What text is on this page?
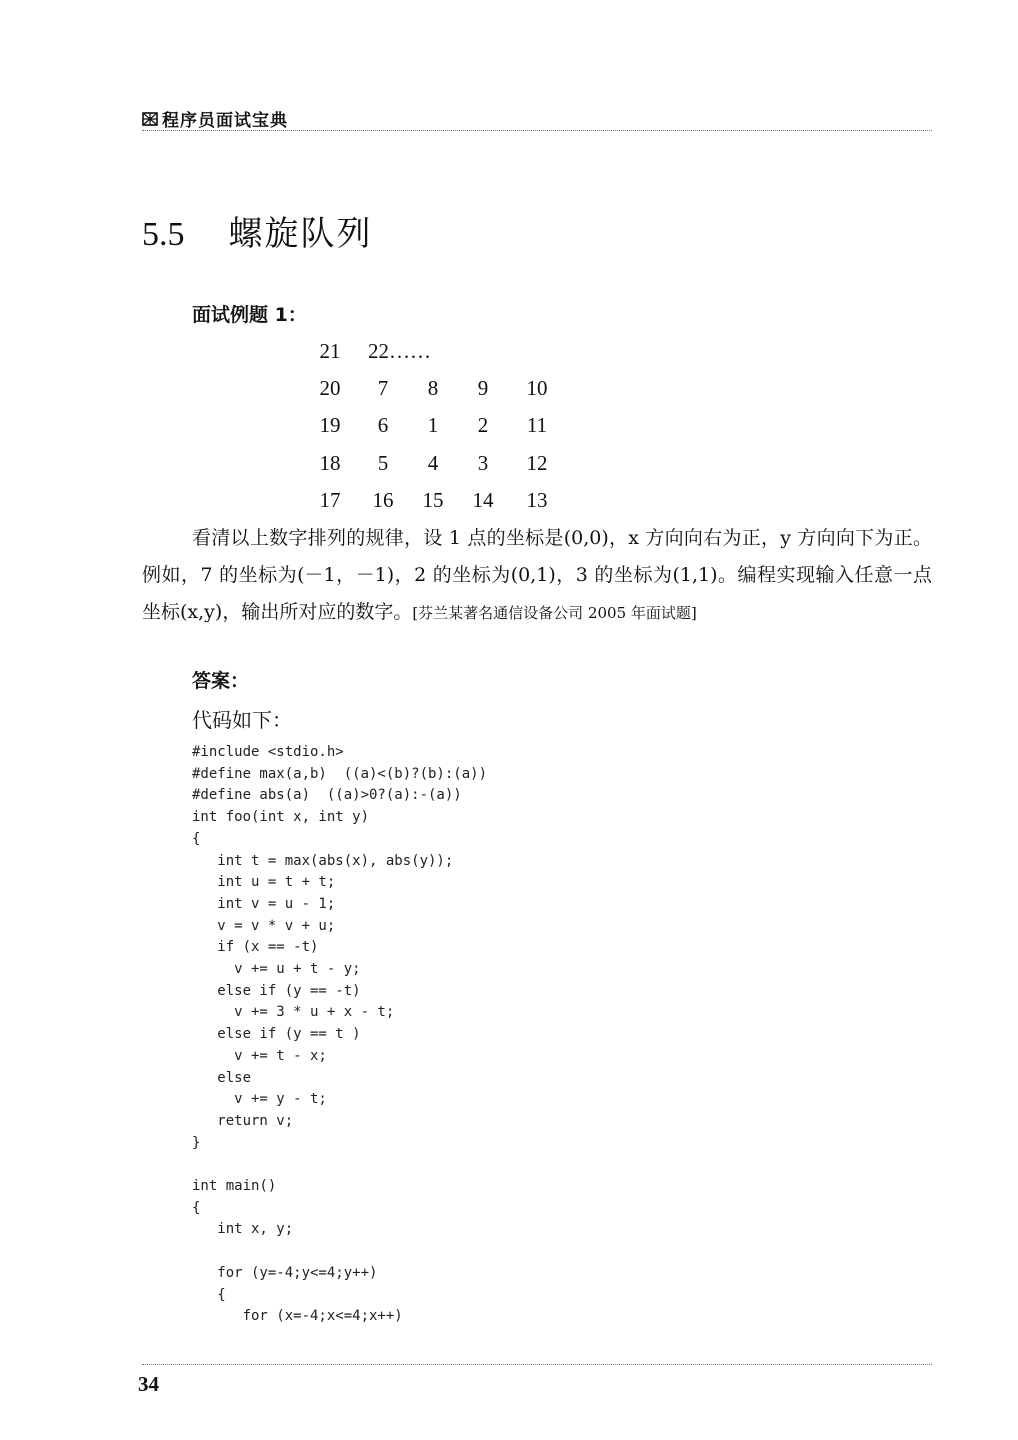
程序员面试宝典
5.5 螺旋队列
面试例题 1：
21	22……			
20	7	8	9	10
19	6	1	2	11
18	5	4	3	12
17	16	15	14	13
看清以上数字排列的规律，设 1 点的坐标是(0,0)，x 方向向右为正，y 方向向下为正。例如，7 的坐标为(－1，－1)，2 的坐标为(0,1)，3 的坐标为(1,1)。编程实现输入任意一点坐标(x,y)，输出所对应的数字。[芬兰某著名通信设备公司 2005 年面试题]
答案：
代码如下：
#include <stdio.h>
#define max(a,b)  ((a)<(b)?(b):(a))
#define abs(a)  ((a)>0?(a):-(a))
int foo(int x, int y)
{
int t = max(abs(x), abs(y));
int u = t + t;
int v = u - 1;
v = v * v + u;
if (x == -t)
v += u + t - y;
else if (y == -t)
v += 3 * u + x - t;
else if (y == t )
v += t - x;
else
v += y - t;
return v;
}

int main()
{
int x, y;

for (y=-4;y<=4;y++)
{
for (x=-4;x<=4;x++)

34
